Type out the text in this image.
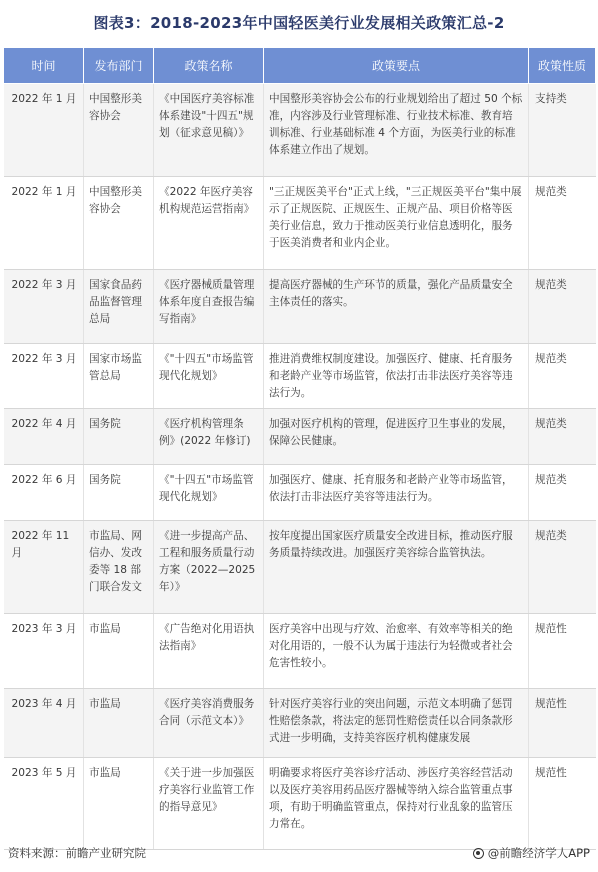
图表3：2018-2023年中国轻医美行业发展相关政策汇总-2
时间	发布部门	政策名称	政策要点	政策性质
2022 年 1 月	中国整形美容协会	《中国医疗美容标准体系建设"十四五"规划（征求意见稿）》	中国整形美容协会公布的行业规划给出了超过 50 个标准，内容涉及行业管理标准、行业技术标准、教育培训标准、行业基础标准 4 个方面，为医美行业的标准体系建立作出了规划。	支持类
2022 年 1 月	中国整形美容协会	《2022 年医疗美容机构规范运营指南》	"三正规医美平台"正式上线，"三正规医美平台"集中展示了正规医院、正规医生、正规产品、项目价格等医美行业信息，致力于推动医美行业信息透明化，服务于医美消费者和业内企业。	规范类
2022 年 3 月	国家食品药品监督管理总局	《医疗器械质量管理体系年度自查报告编写指南》	提高医疗器械的生产环节的质量，强化产品质量安全主体责任的落实。	规范类
2022 年 3 月	国家市场监管总局	《"十四五"市场监管现代化规划》	推进消费维权制度建设。加强医疗、健康、托育服务和老龄产业等市场监管，依法打击非法医疗美容等违法行为。	规范类
2022 年 4 月	国务院	《医疗机构管理条例》(2022 年修订)	加强对医疗机构的管理，促进医疗卫生事业的发展，保障公民健康。	规范类
2022 年 6 月	国务院	《"十四五"市场监管现代化规划》	加强医疗、健康、托育服务和老龄产业等市场监管，依法打击非法医疗美容等违法行为。	规范类
2022 年 11 月	市监局、网信办、发改委等 18 部门联合发文	《进一步提高产品、工程和服务质量行动方案（2022—2025 年）》	按年度提出国家医疗质量安全改进目标，推动医疗服务质量持续改进。加强医疗美容综合监管执法。	规范类
2023 年 3 月	市监局	《广告绝对化用语执法指南》	医疗美容中出现与疗效、治愈率、有效率等相关的绝对化用语的，一般不认为属于违法行为轻微或者社会危害性较小。	规范性
2023 年 4 月	市监局	《医疗美容消费服务合同（示范文本）》	针对医疗美容行业的突出问题，示范文本明确了惩罚性赔偿条款，将法定的惩罚性赔偿责任以合同条款形式进一步明确，支持美容医疗机构健康发展	规范性
2023 年 5 月	市监局	《关于进一步加强医疗美容行业监管工作的指导意见》	明确要求将医疗美容诊疗活动、涉医疗美容经营活动以及医疗美容用药品医疗器械等纳入综合监管重点事项，有助于明确监管重点，保持对行业乱象的监管压力常在。	规范性
资料来源：前瞻产业研究院	@前瞻经济学人APP
